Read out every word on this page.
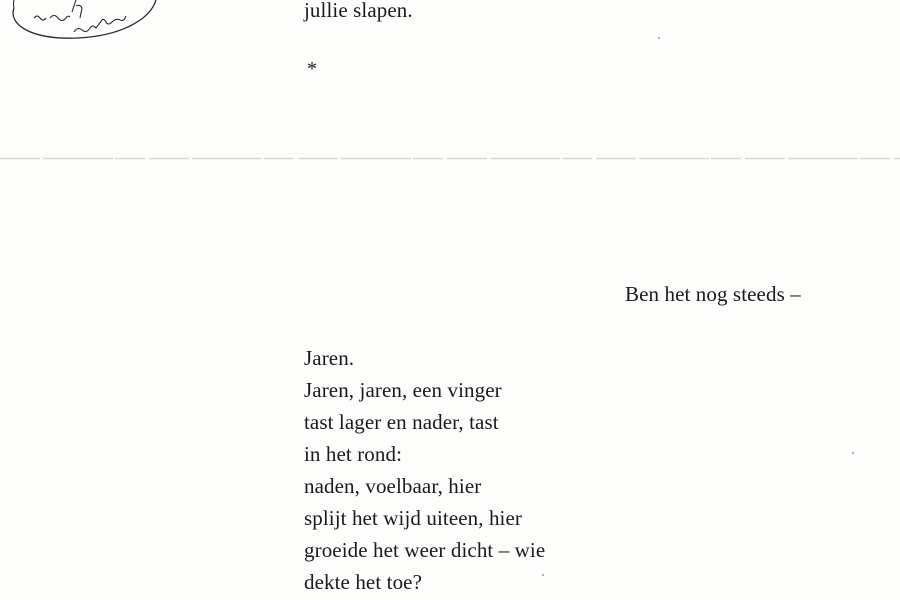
jullie slapen.
*
Ben het nog steeds –
Jaren.
Jaren, jaren, een vinger
tast lager en nader, tast
in het rond:
naden, voelbaar, hier
splijt het wijd uiteen, hier
groeide het weer dicht – wie
dekte het toe?
